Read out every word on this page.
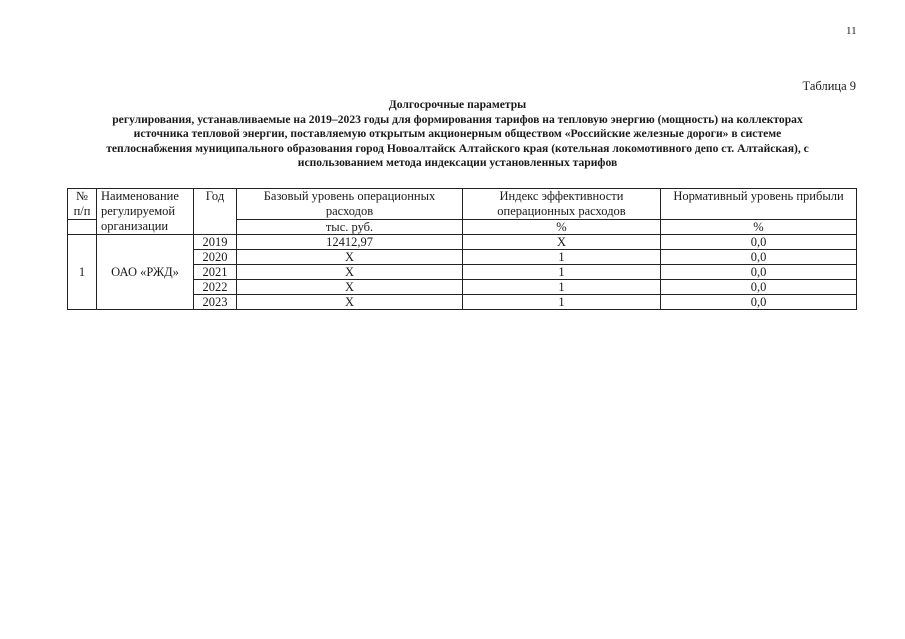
11
Таблица 9
Долгосрочные параметры
регулирования, устанавливаемые на 2019–2023 годы для формирования тарифов на тепловую энергию (мощность) на коллекторах
источника тепловой энергии, поставляемую открытым акционерным обществом «Российские железные дороги» в системе
теплоснабжения муниципального образования город Новоалтайск Алтайского края (котельная локомотивного депо ст. Алтайская), с
использованием метода индексации установленных тарифов
№ п/п	Наименование регулируемой организации	Год	Базовый уровень операционных расходов	Индекс эффективности операционных расходов	Нормативный уровень прибыли

			тыс. руб.	%	%
1	ОАО «РЖД»	2019	12412,97	Х	0,0
		2020	Х	1	0,0
		2021	Х	1	0,0
		2022	Х	1	0,0
		2023	Х	1	0,0
